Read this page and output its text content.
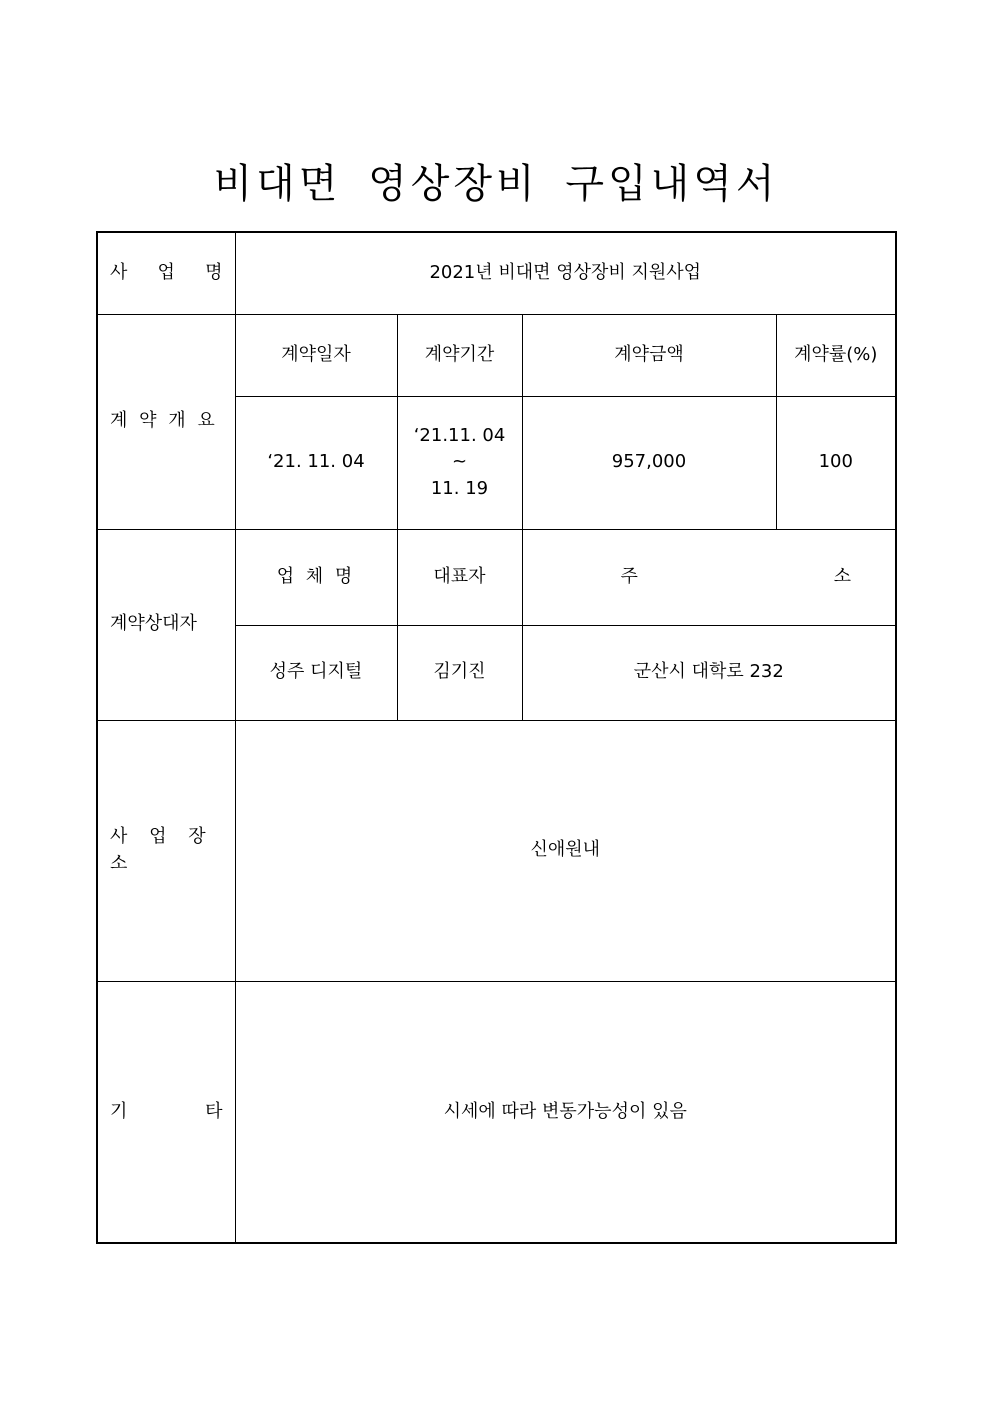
비대면 영상장비 구입내역서
사 업 명	2021년 비대면 영상장비 지원사업			
계 약 개 요	계약일자	계약기간	계약금액	계약률(%)
	‘21. 11. 04	‘21.11. 04
~
11. 19	957,000	100
계약상대자	업 체 명	대표자	주 소	

	성주 디지털	김기진	군산시 대학로 232	
사 업 장 소	신애원내			

기 타	시세에 따라 변동가능성이 있음			
